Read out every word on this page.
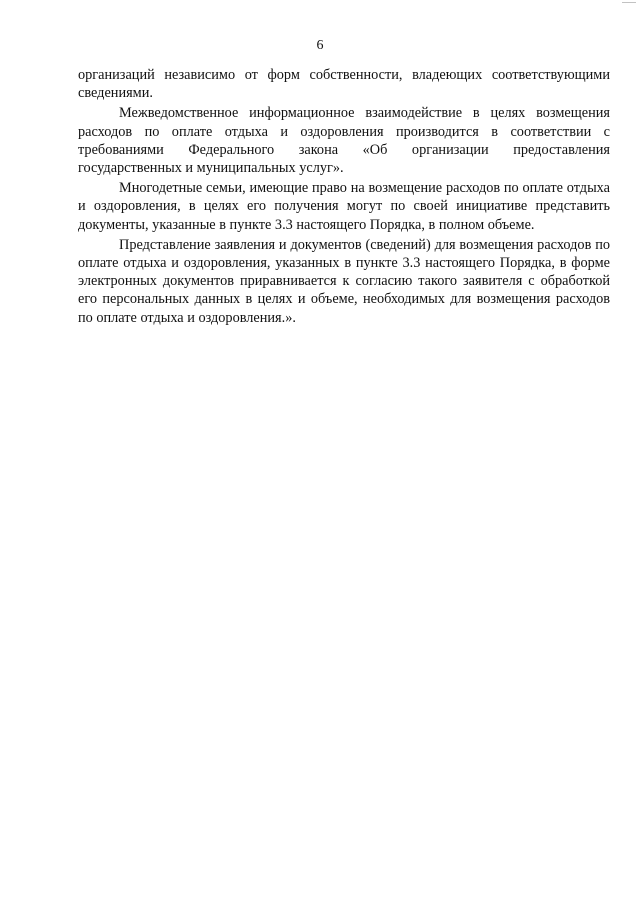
6

организаций независимо от форм собственности, владеющих соответствующими сведениями.

Межведомственное информационное взаимодействие в целях возмещения расходов по оплате отдыха и оздоровления производится в соответствии с требованиями Федерального закона «Об организации предоставления государственных и муниципальных услуг».

Многодетные семьи, имеющие право на возмещение расходов по оплате отдыха и оздоровления, в целях его получения могут по своей инициативе представить документы, указанные в пункте 3.3 настоящего Порядка, в полном объеме.

Представление заявления и документов (сведений) для возмещения расходов по оплате отдыха и оздоровления, указанных в пункте 3.3 настоящего Порядка, в форме электронных документов приравнивается к согласию такого заявителя с обработкой его персональных данных в целях и объеме, необходимых для возмещения расходов по оплате отдыха и оздоровления.».
